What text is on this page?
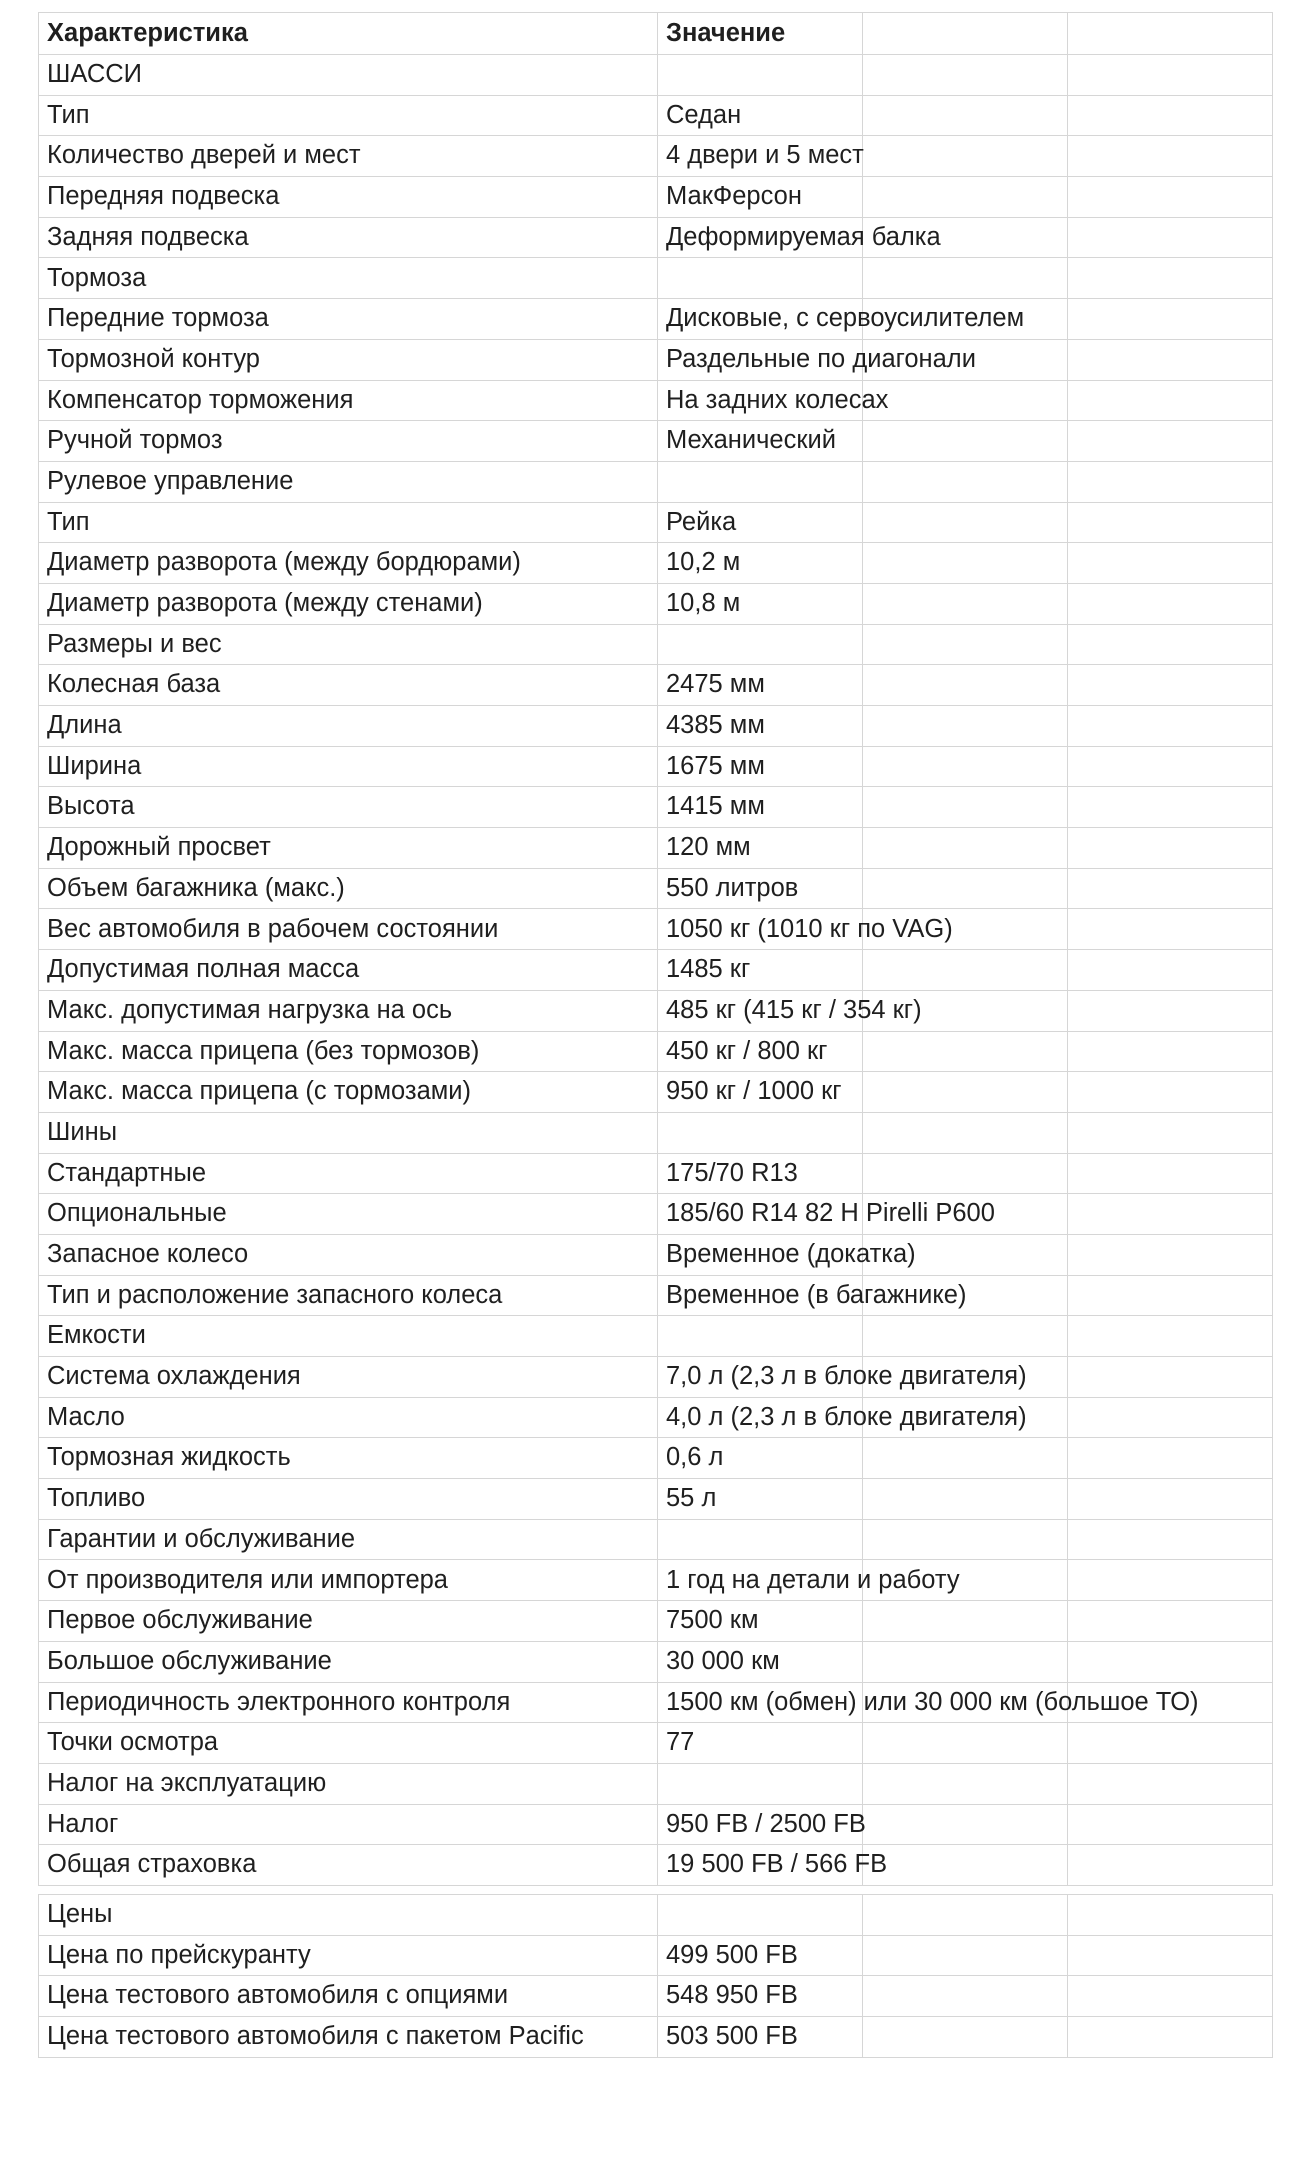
Характеристика	Значение		
ШАССИ			
Тип	Седан		
Количество дверей и мест	4 двери и 5 мест		
Передняя подвеска	МакФерсон		
Задняя подвеска	Деформируемая балка		
Тормоза			
Передние тормоза	Дисковые, с сервоусилителем		
Тормозной контур	Раздельные по диагонали		
Компенсатор торможения	На задних колесах		
Ручной тормоз	Механический		
Рулевое управление			
Тип	Рейка		
Диаметр разворота (между бордюрами)	10,2 м		
Диаметр разворота (между стенами)	10,8 м		
Размеры и вес			
Колесная база	2475 мм		
Длина	4385 мм		
Ширина	1675 мм		
Высота	1415 мм		
Дорожный просвет	120 мм		
Объем багажника (макс.)	550 литров		
Вес автомобиля в рабочем состоянии	1050 кг (1010 кг по VAG)		
Допустимая полная масса	1485 кг		
Макс. допустимая нагрузка на ось	485 кг (415 кг / 354 кг)		
Макс. масса прицепа (без тормозов)	450 кг / 800 кг		
Макс. масса прицепа (с тормозами)	950 кг / 1000 кг		
Шины			
Стандартные	175/70 R13		
Опциональные	185/60 R14 82 H Pirelli P600		
Запасное колесо	Временное (докатка)		
Тип и расположение запасного колеса	Временное (в багажнике)		
Емкости			
Система охлаждения	7,0 л (2,3 л в блоке двигателя)		
Масло	4,0 л (2,3 л в блоке двигателя)		
Тормозная жидкость	0,6 л		
Топливо	55 л		
Гарантии и обслуживание			
От производителя или импортера	1 год на детали и работу		
Первое обслуживание	7500 км		
Большое обслуживание	30 000 км		
Периодичность электронного контроля	1500 км (обмен) или 30 000 км (большое ТО)		
Точки осмотра	77		
Налог на эксплуатацию			
Налог	950 FB / 2500 FB		
Общая страховка	19 500 FB / 566 FB		
Цены			
Цена по прейскуранту	499 500 FB		
Цена тестового автомобиля с опциями	548 950 FB		
Цена тестового автомобиля с пакетом Pacific	503 500 FB		
